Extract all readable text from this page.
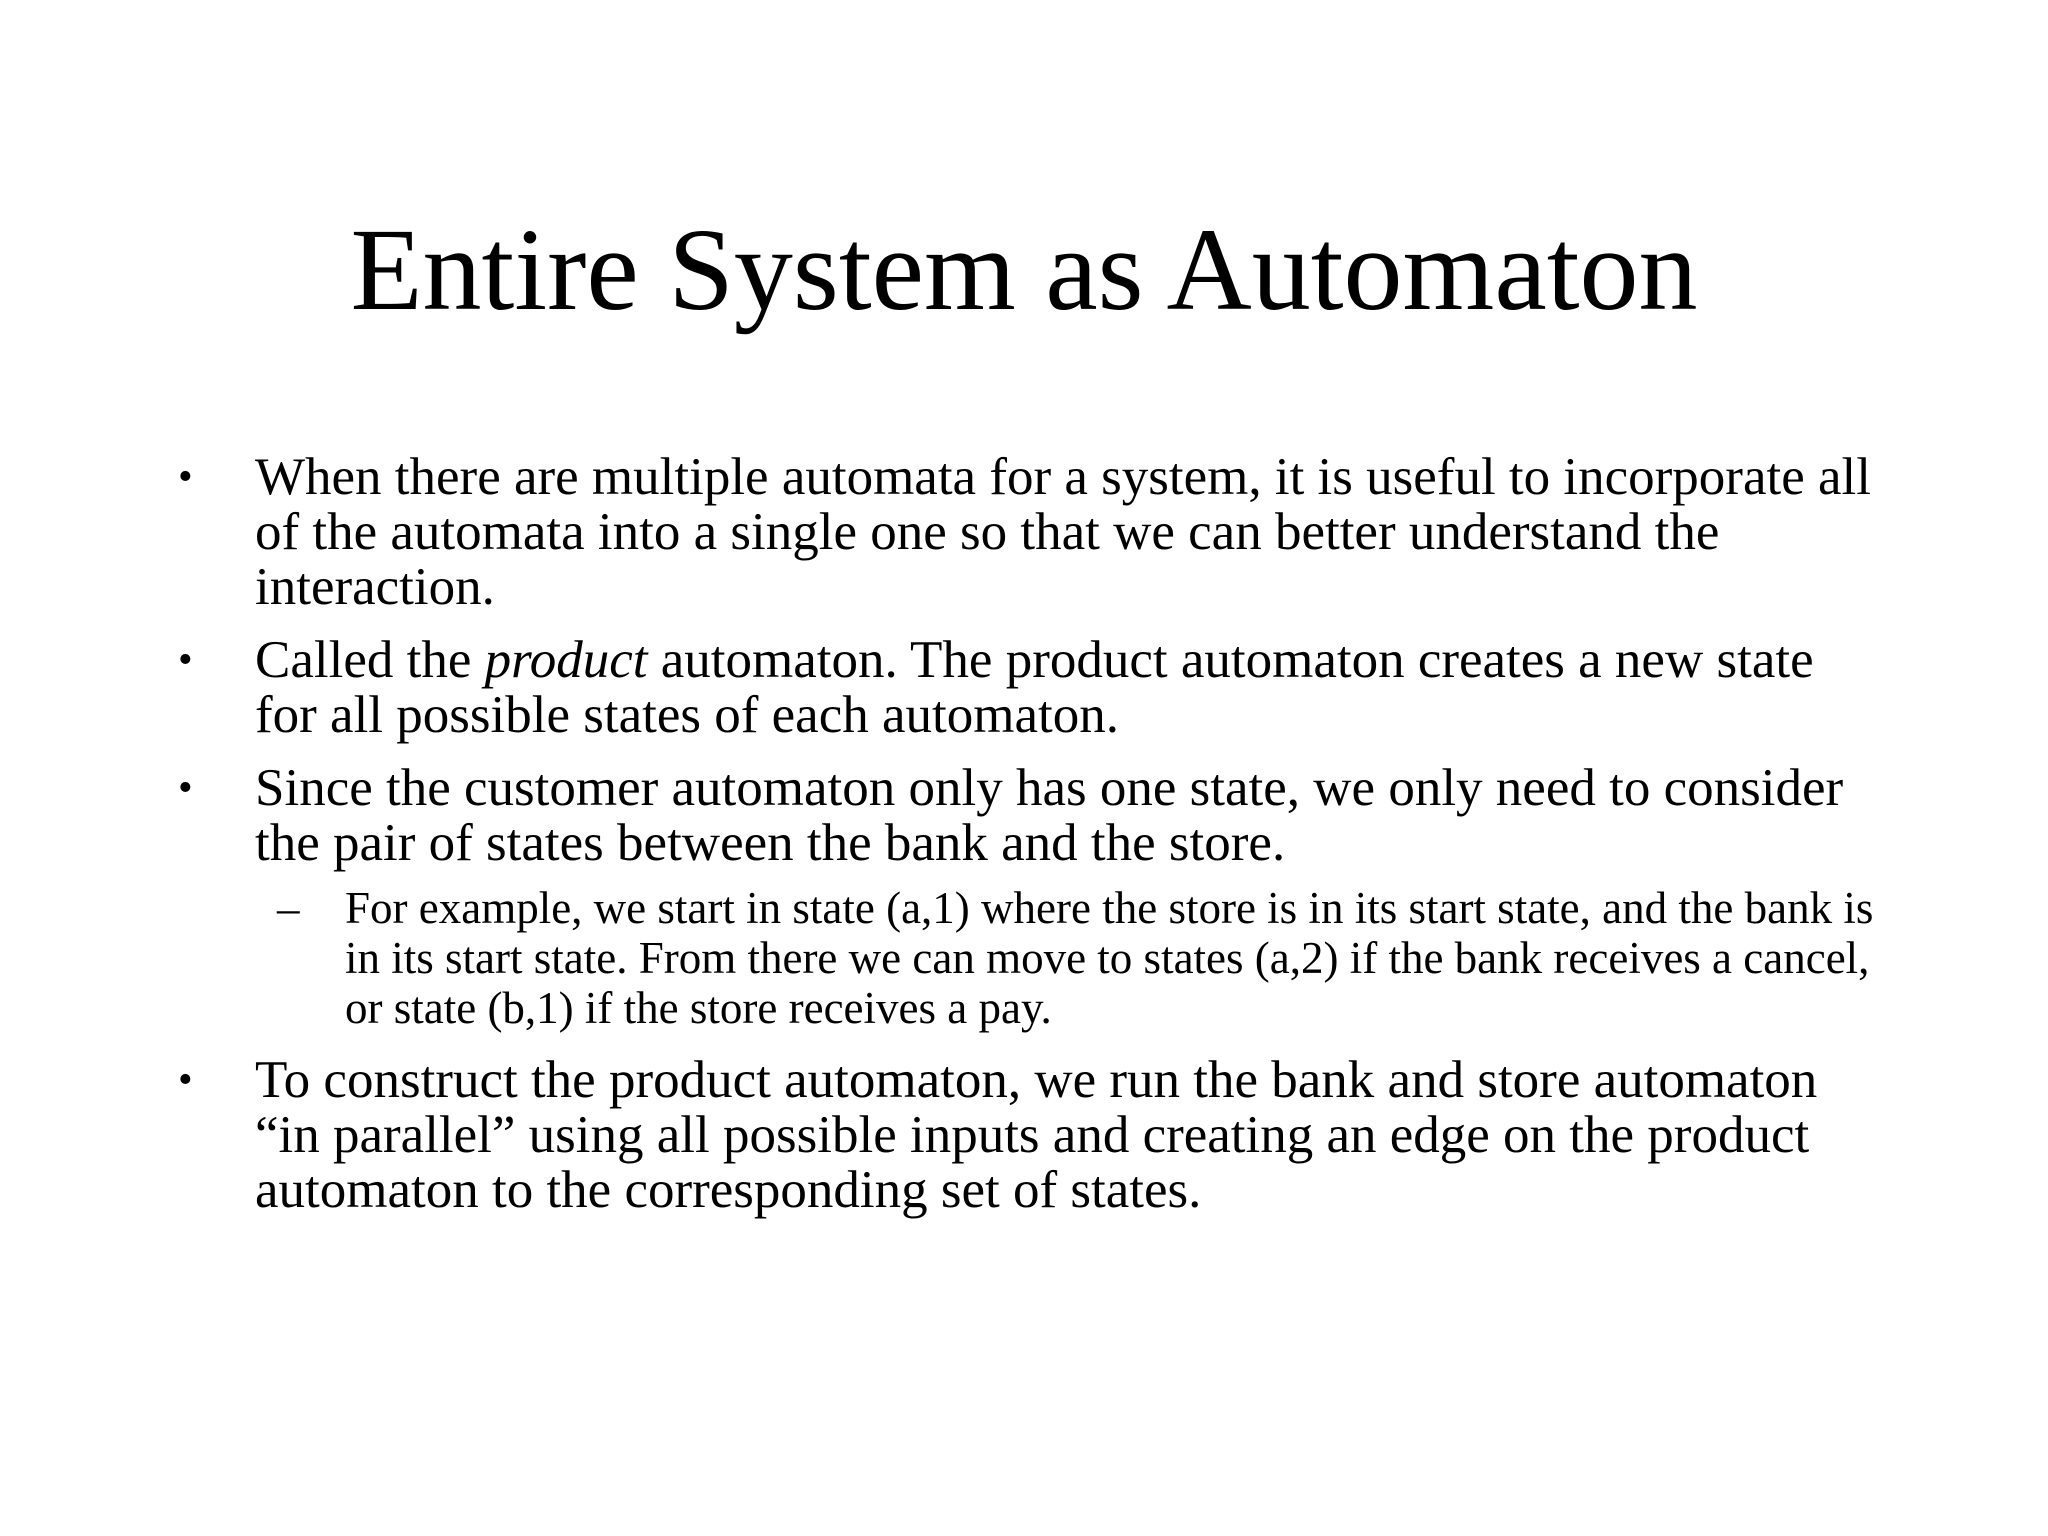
Entire System as Automaton
•	When there are multiple automata for a system, it is useful to incorporate all of the automata into a single one so that we can better understand the interaction.
•	Called the product automaton. The product automaton creates a new state for all possible states of each automaton.
•	Since the customer automaton only has one state, we only need to consider the pair of states between the bank and the store.
– For example, we start in state (a,1) where the store is in its start state, and the bank is in its start state. From there we can move to states (a,2) if the bank receives a cancel, or state (b,1) if the store receives a pay.
•	To construct the product automaton, we run the bank and store automaton “in parallel” using all possible inputs and creating an edge on the product automaton to the corresponding set of states.
